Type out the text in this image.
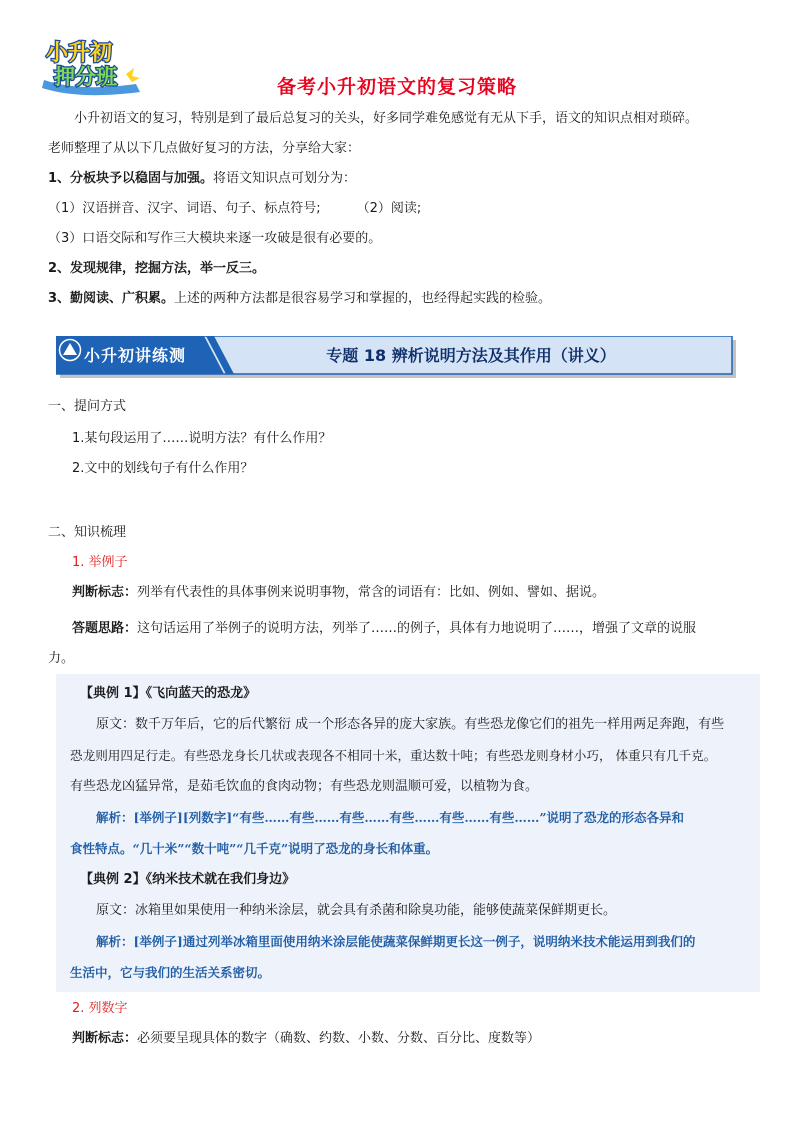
小升初
押分班	备考小升初语文的复习策略

小升初语文的复习，特别是到了最后总复习的关头，好多同学难免感觉有无从下手，语文的知识点相对琐碎。

老师整理了从以下几点做好复习的方法，分享给大家：

1、分板块予以稳固与加强。将语文知识点可划分为：

（1）汉语拼音、汉字、词语、句子、标点符号;	（2）阅读;

（3）口语交际和写作三大模块来逐一攻破是很有必要的。

2、发现规律，挖掘方法，举一反三。

3、勤阅读、广积累。上述的两种方法都是很容易学习和掌握的，也经得起实践的检验。

小升初讲练测	专题 18 辨析说明方法及其作用（讲义）

一、提问方式

1.某句段运用了……说明方法？有什么作用？

2.文中的划线句子有什么作用？

二、知识梳理

1. 举例子

判断标志：列举有代表性的具体事例来说明事物，常含的词语有：比如、例如、譬如、据说。

答题思路：这句话运用了举例子的说明方法，列举了……的例子，具体有力地说明了……，增强了文章的说服

力。

【典例 1】《飞向蓝天的恐龙》

原文：数千万年后，它的后代繁衍 成一个形态各异的庞大家族。有些恐龙像它们的祖先一样用两足奔跑，有些

恐龙则用四足行走。有些恐龙身长几状或表现各不相同十米，重达数十吨；有些恐龙则身材小巧， 体重只有几千克。

有些恐龙凶猛异常，是茹毛饮血的食肉动物；有些恐龙则温顺可爱，以植物为食。

解析：[举例子][列数字]“有些……有些……有些……有些……有些……有些……”说明了恐龙的形态各异和

食性特点。“几十米”“数十吨”“几千克”说明了恐龙的身长和体重。

【典例 2】《纳米技术就在我们身边》

原文：冰箱里如果使用一种纳米涂层，就会具有杀菌和除臭功能，能够使蔬菜保鲜期更长。

解析：[举例子]通过列举冰箱里面使用纳米涂层能使蔬菜保鲜期更长这一例子，说明纳米技术能运用到我们的

生活中，它与我们的生活关系密切。

2. 列数字

判断标志：必须要呈现具体的数字（确数、约数、小数、分数、百分比、度数等）
